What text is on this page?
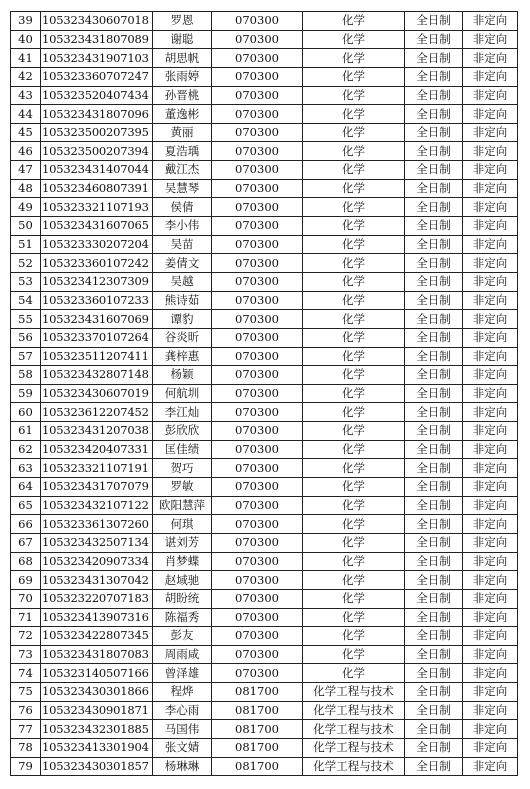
39	105323430607018	罗恩	070300	化学	全日制	非定向
40	105323431807089	谢聪	070300	化学	全日制	非定向
41	105323431907103	胡思帆	070300	化学	全日制	非定向
42	105323360707247	张雨婷	070300	化学	全日制	非定向
43	105323520407434	孙晋桃	070300	化学	全日制	非定向
44	105323431807096	董逸彬	070300	化学	全日制	非定向
45	105323500207395	黄丽	070300	化学	全日制	非定向
46	105323500207394	夏浩瑀	070300	化学	全日制	非定向
47	105323431407044	戴江杰	070300	化学	全日制	非定向
48	105323460807391	吴慧琴	070300	化学	全日制	非定向
49	105323321107193	侯倩	070300	化学	全日制	非定向
50	105323431607065	李小伟	070300	化学	全日制	非定向
51	105323330207204	吴苗	070300	化学	全日制	非定向
52	105323360107242	姜倩文	070300	化学	全日制	非定向
53	105323412307309	吴越	070300	化学	全日制	非定向
54	105323360107233	熊诗茹	070300	化学	全日制	非定向
55	105323431607069	谭豹	070300	化学	全日制	非定向
56	105323370107264	谷炎昕	070300	化学	全日制	非定向
57	105323511207411	龚梓惠	070300	化学	全日制	非定向
58	105323432807148	杨颖	070300	化学	全日制	非定向
59	105323430607019	何航圳	070300	化学	全日制	非定向
60	105323612207452	李江灿	070300	化学	全日制	非定向
61	105323431207038	彭欣欣	070300	化学	全日制	非定向
62	105323420407331	匡佳绩	070300	化学	全日制	非定向
63	105323321107191	贺巧	070300	化学	全日制	非定向
64	105323431707079	罗敏	070300	化学	全日制	非定向
65	105323432107122	欧阳慧萍	070300	化学	全日制	非定向
66	105323361307260	何琪	070300	化学	全日制	非定向
67	105323432507134	谌刘芳	070300	化学	全日制	非定向
68	105323420907334	肖梦蝶	070300	化学	全日制	非定向
69	105323431307042	赵域驰	070300	化学	全日制	非定向
70	105323220707183	胡盼统	070300	化学	全日制	非定向
71	105323413907316	陈福秀	070300	化学	全日制	非定向
72	105323422807345	彭友	070300	化学	全日制	非定向
73	105323431807083	周雨咸	070300	化学	全日制	非定向
74	105323140507166	曾泽雄	070300	化学	全日制	非定向
75	105323430301866	程烨	081700	化学工程与技术	全日制	非定向
76	105323430901871	李心雨	081700	化学工程与技术	全日制	非定向
77	105323432301885	马国伟	081700	化学工程与技术	全日制	非定向
78	105323413301904	张文婧	081700	化学工程与技术	全日制	非定向
79	105323430301857	杨琳琳	081700	化学工程与技术	全日制	非定向
